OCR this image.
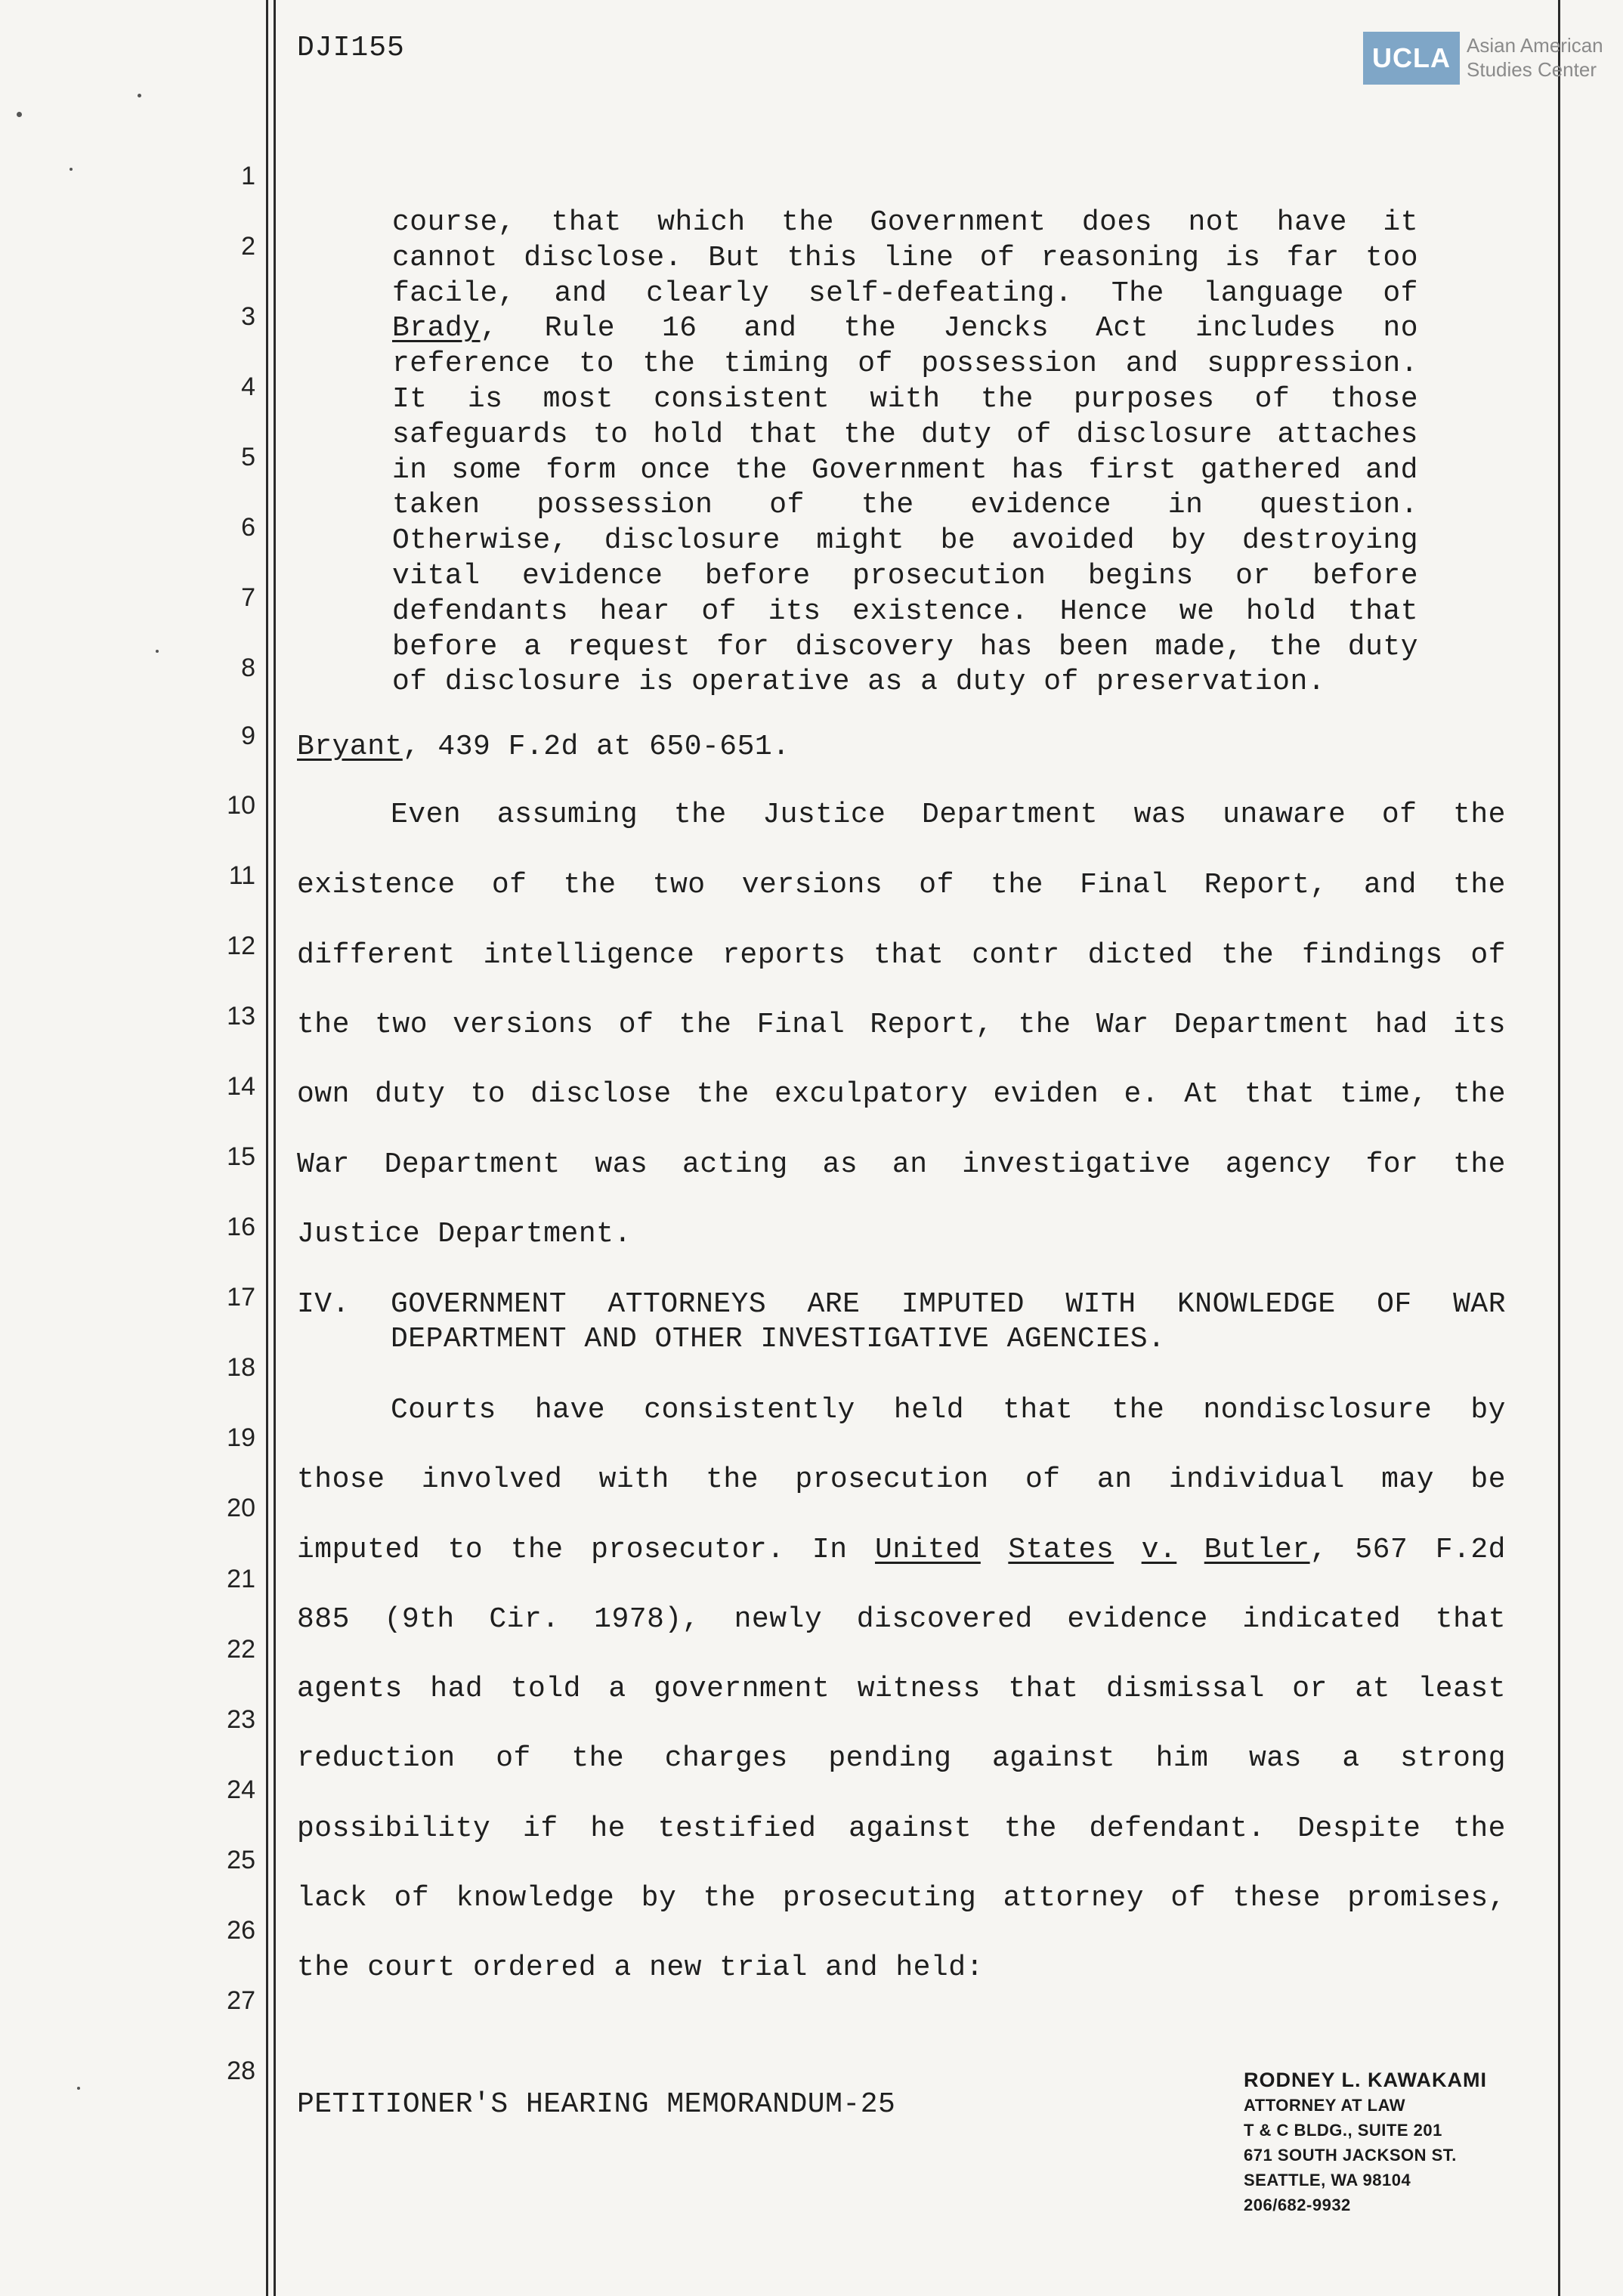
DJI155	UCLA Asian American
Studies Center
1
2
3
4
5
6
7
8
9
10
11
12
13
14
15
16
17
18
19
20
21
22
23
24
25
26
27
28
course, that which the Government does not have it
cannot disclose. But this line of reasoning is far too
facile, and clearly self-defeating. The language of
Brady, Rule 16 and the Jencks Act includes no
reference to the timing of possession and suppression.
It is most consistent with the purposes of those
safeguards to hold that the duty of disclosure attaches
in some form once the Government has first gathered and
taken possession of the evidence in question.
Otherwise, disclosure might be avoided by destroying
vital evidence before prosecution begins or before
defendants hear of its existence. Hence we hold that
before a request for discovery has been made, the duty
of disclosure is operative as a duty of preservation.
Bryant, 439 F.2d at 650-651.
Even assuming the Justice Department was unaware of the
existence of the two versions of the Final Report, and the
different intelligence reports that contr dicted the findings of
the two versions of the Final Report, the War Department had its
own duty to disclose the exculpatory eviden e. At that time, the
War Department was acting as an investigative agency for the
Justice Department.
Courts have consistently held that the nondisclosure by
those involved with the prosecution of an individual may be
imputed to the prosecutor. In United States v. Butler, 567 F.2d
885 (9th Cir. 1978), newly discovered evidence indicated that
agents had told a government witness that dismissal or at least
reduction of the charges pending against him was a strong
possibility if he testified against the defendant. Despite the
lack of knowledge by the prosecuting attorney of these promises,
the court ordered a new trial and held:
IV. GOVERNMENT ATTORNEYS ARE IMPUTED WITH KNOWLEDGE OF WAR
DEPARTMENT AND OTHER INVESTIGATIVE AGENCIES.
PETITIONER'S HEARING MEMORANDUM-25
RODNEY L. KAWAKAMI
ATTORNEY AT LAW
T & C BLDG., SUITE 201
671 SOUTH JACKSON ST.
SEATTLE, WA 98104
206/682-9932
